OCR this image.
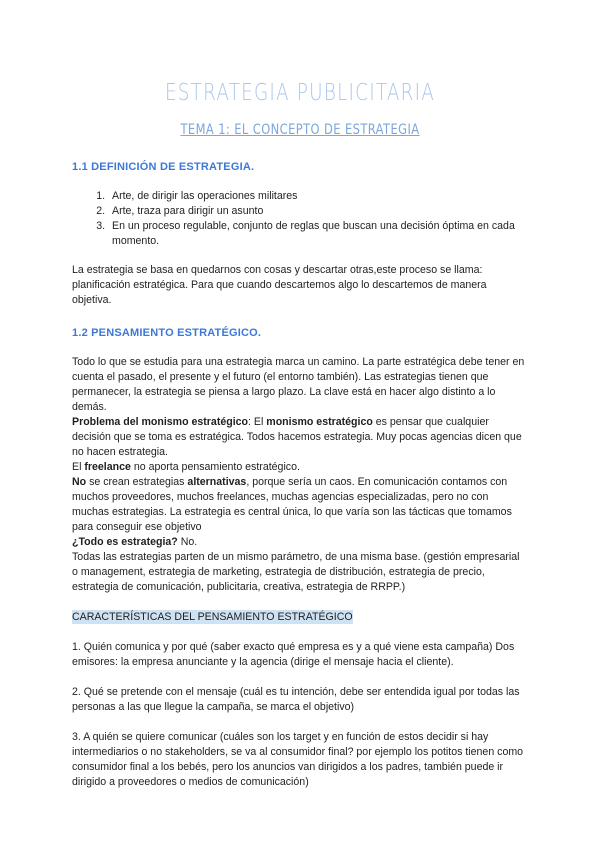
ESTRATEGIA PUBLICITARIA
TEMA 1: EL CONCEPTO DE ESTRATEGIA
1.1 DEFINICIÓN DE ESTRATEGIA.
1. Arte, de dirigir las operaciones militares
2. Arte, traza para dirigir un asunto
3. En un proceso regulable, conjunto de reglas que buscan una decisión óptima en cada momento.

La estrategia se basa en quedarnos con cosas y descartar otras,este proceso se llama: planificación estratégica. Para que cuando descartemos algo lo descartemos de manera objetiva.

1.2 PENSAMIENTO ESTRATÉGICO.

Todo lo que se estudia para una estrategia marca un camino. La parte estratégica debe tener en cuenta el pasado, el presente y el futuro (el entorno también). Las estrategias tienen que permanecer, la estrategia se piensa a largo plazo. La clave está en hacer algo distinto a lo demás.

Problema del monismo estratégico: El monismo estratégico es pensar que cualquier decisión que se toma es estratégica. Todos hacemos estrategia. Muy pocas agencias dicen que no hacen estrategia.

El freelance no aporta pensamiento estratégico.

No se crean estrategias alternativas, porque sería un caos. En comunicación contamos con muchos proveedores, muchos freelances, muchas agencias especializadas, pero no con muchas estrategias. La estrategia es central única, lo que varía son las tácticas que tomamos para conseguir ese objetivo

¿Todo es estrategia? No.

Todas las estrategias parten de un mismo parámetro, de una misma base. (gestión empresarial o management, estrategia de marketing, estrategia de distribución, estrategia de precio, estrategia de comunicación, publicitaria, creativa, estrategia de RRPP.)

CARACTERÍSTICAS DEL PENSAMIENTO ESTRATÉGICO

1. Quién comunica y por qué (saber exacto qué empresa es y a qué viene esta campaña) Dos emisores: la empresa anunciante y la agencia (dirige el mensaje hacia el cliente).

2. Qué se pretende con el mensaje (cuál es tu intención, debe ser entendida igual por todas las personas a las que llegue la campaña, se marca el objetivo)

3. A quién se quiere comunicar (cuáles son los target y en función de estos decidir si hay intermediarios o no stakeholders, se va al consumidor final? por ejemplo los potitos tienen como consumidor final a los bebés, pero los anuncios van dirigidos a los padres, también puede ir dirigido a proveedores o medios de comunicación)
